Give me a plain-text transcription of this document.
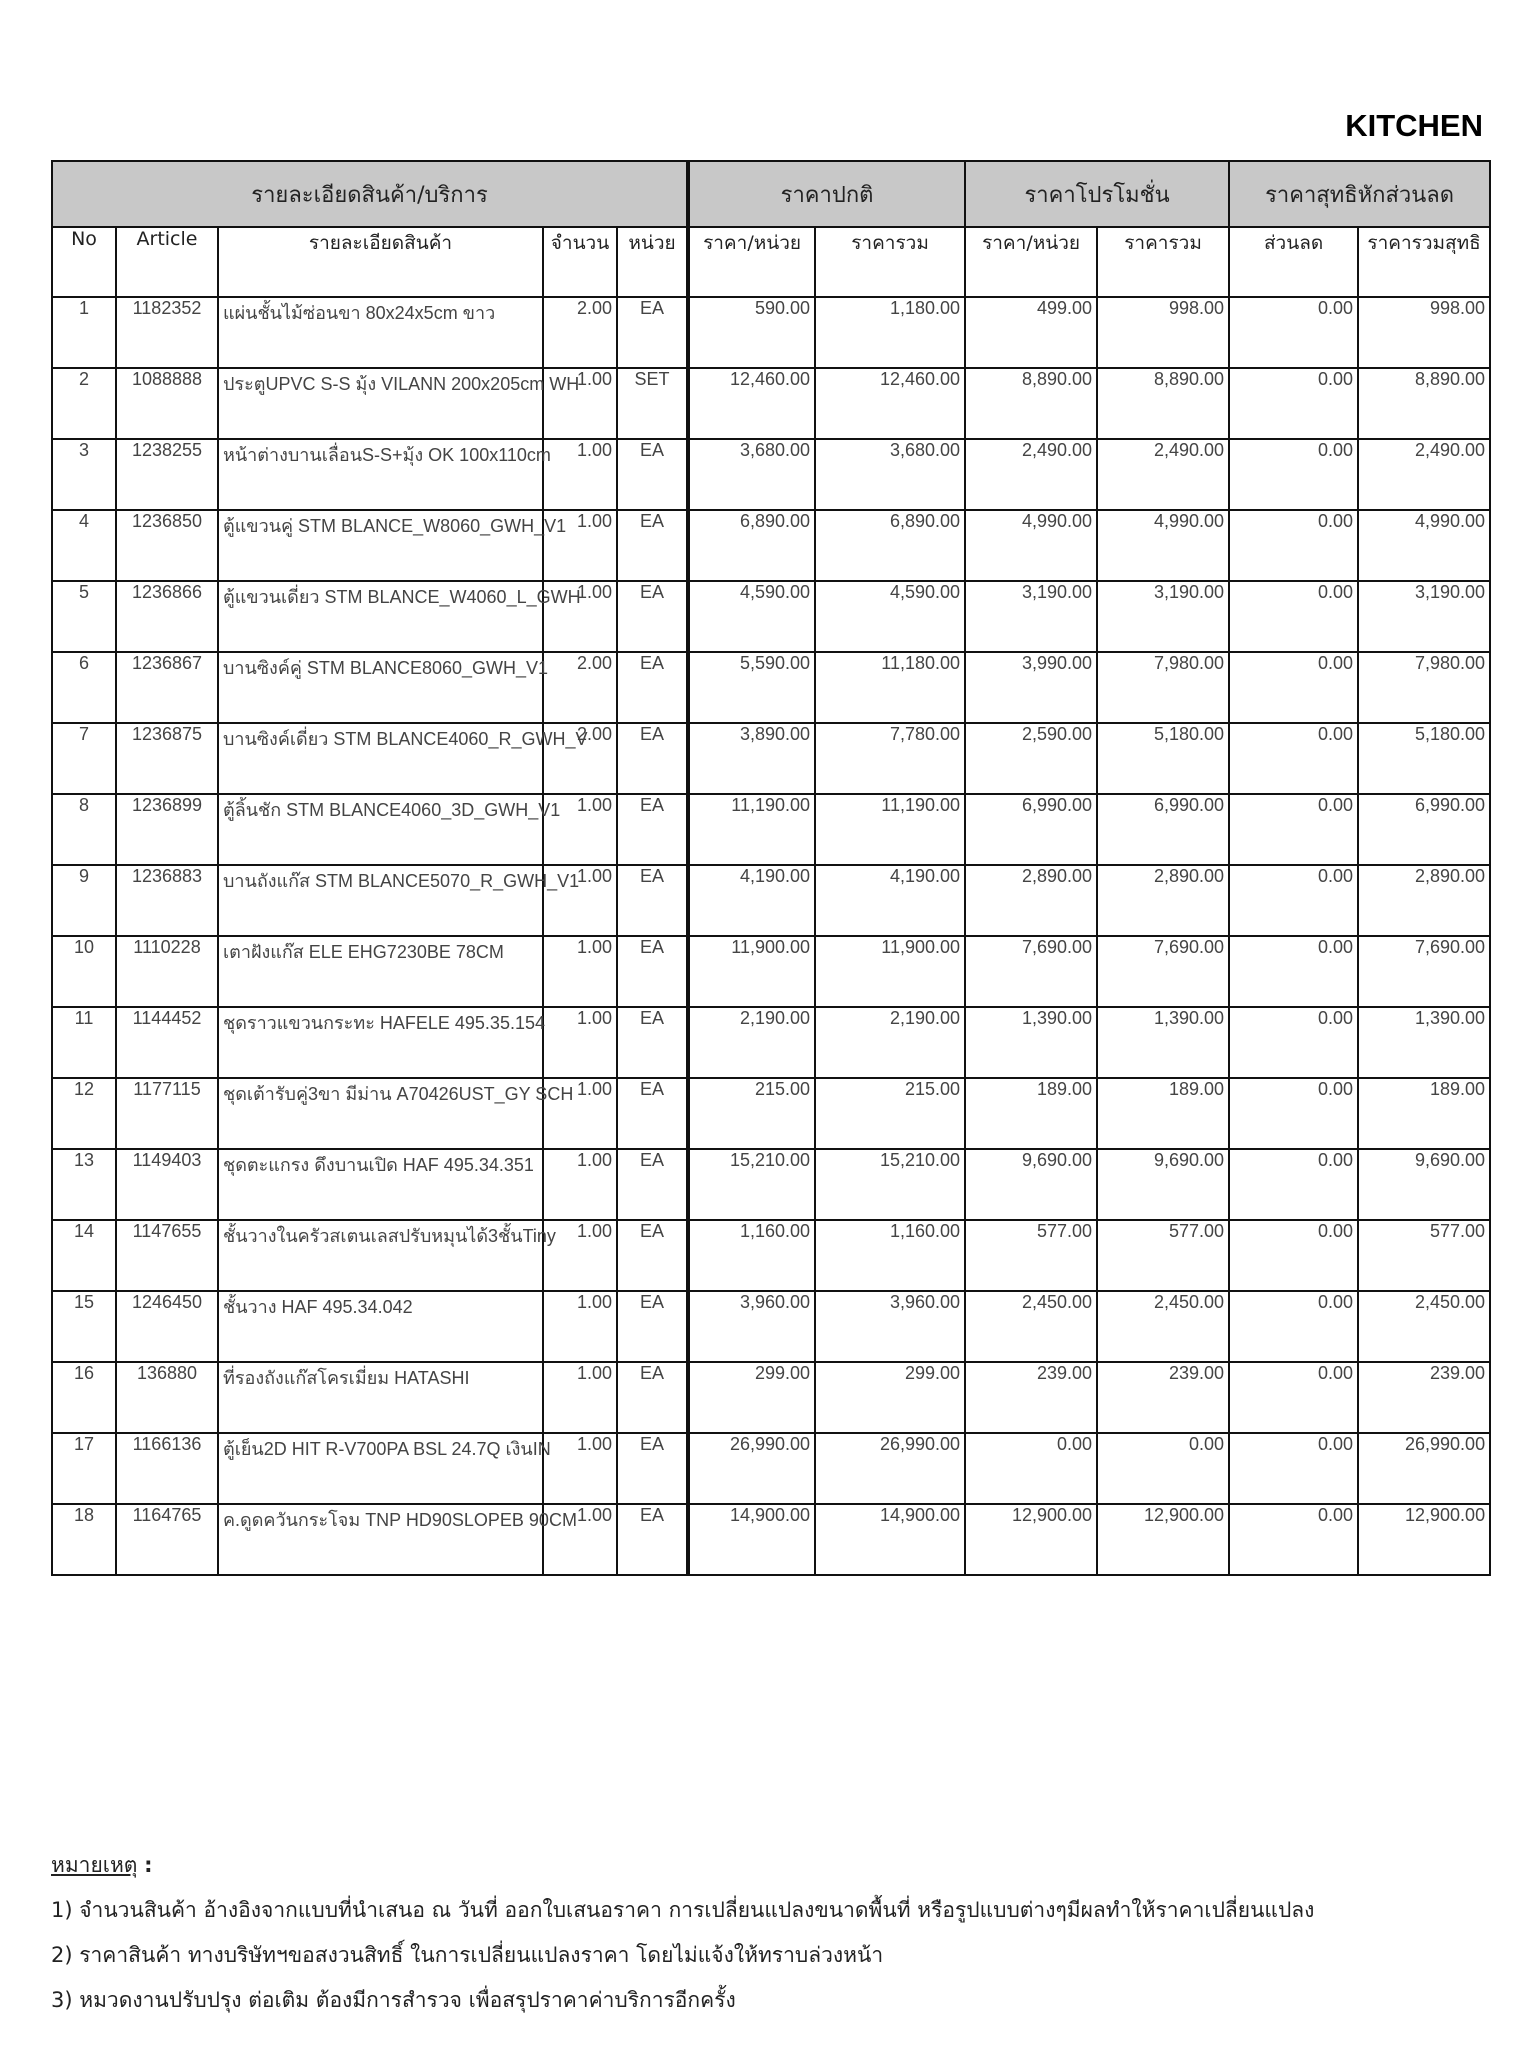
KITCHEN
รายละเอียดสินค้า/บริการ					ราคาปกติ		ราคาโปรโมชั่น		ราคาสุทธิหักส่วนลด	
No	Article	รายละเอียดสินค้า	จำนวน	หน่วย	ราคา/หน่วย	ราคารวม	ราคา/หน่วย	ราคารวม	ส่วนลด	ราคารวมสุทธิ
1	1182352	แผ่นชั้นไม้ซ่อนขา 80x24x5cm ขาว	2.00	EA	590.00	1,180.00	499.00	998.00	0.00	998.00
2	1088888	ประตูUPVC S-S มุ้ง VILANN 200x205cm WH	1.00	SET	12,460.00	12,460.00	8,890.00	8,890.00	0.00	8,890.00
3	1238255	หน้าต่างบานเลื่อนS-S+มุ้ง OK 100x110cm	1.00	EA	3,680.00	3,680.00	2,490.00	2,490.00	0.00	2,490.00
4	1236850	ตู้แขวนคู่ STM BLANCE_W8060_GWH_V1	1.00	EA	6,890.00	6,890.00	4,990.00	4,990.00	0.00	4,990.00
5	1236866	ตู้แขวนเดี่ยว STM BLANCE_W4060_L_GWH	1.00	EA	4,590.00	4,590.00	3,190.00	3,190.00	0.00	3,190.00
6	1236867	บานซิงค์คู่ STM BLANCE8060_GWH_V1	2.00	EA	5,590.00	11,180.00	3,990.00	7,980.00	0.00	7,980.00
7	1236875	บานซิงค์เดี่ยว STM BLANCE4060_R_GWH_V	2.00	EA	3,890.00	7,780.00	2,590.00	5,180.00	0.00	5,180.00
8	1236899	ตู้ลิ้นชัก STM BLANCE4060_3D_GWH_V1	1.00	EA	11,190.00	11,190.00	6,990.00	6,990.00	0.00	6,990.00
9	1236883	บานถังแก๊ส STM BLANCE5070_R_GWH_V1	1.00	EA	4,190.00	4,190.00	2,890.00	2,890.00	0.00	2,890.00
10	1110228	เตาฝังแก๊ส ELE EHG7230BE 78CM	1.00	EA	11,900.00	11,900.00	7,690.00	7,690.00	0.00	7,690.00
11	1144452	ชุดราวแขวนกระทะ HAFELE 495.35.154	1.00	EA	2,190.00	2,190.00	1,390.00	1,390.00	0.00	1,390.00
12	1177115	ชุดเต้ารับคู่3ขา มีม่าน A70426UST_GY SCH	1.00	EA	215.00	215.00	189.00	189.00	0.00	189.00
13	1149403	ชุดตะแกรง ดึงบานเปิด HAF 495.34.351	1.00	EA	15,210.00	15,210.00	9,690.00	9,690.00	0.00	9,690.00
14	1147655	ชั้นวางในครัวสเตนเลสปรับหมุนได้3ชั้นTiny	1.00	EA	1,160.00	1,160.00	577.00	577.00	0.00	577.00
15	1246450	ชั้นวาง HAF 495.34.042	1.00	EA	3,960.00	3,960.00	2,450.00	2,450.00	0.00	2,450.00
16	136880	ที่รองถังแก๊สโครเมี่ยม HATASHI	1.00	EA	299.00	299.00	239.00	239.00	0.00	239.00
17	1166136	ตู้เย็น2D HIT R-V700PA BSL 24.7Q เงินIN	1.00	EA	26,990.00	26,990.00	0.00	0.00	0.00	26,990.00
18	1164765	ค.ดูดควันกระโจม TNP HD90SLOPEB 90CM	1.00	EA	14,900.00	14,900.00	12,900.00	12,900.00	0.00	12,900.00
หมายเหตุ :
1) จำนวนสินค้า อ้างอิงจากแบบที่นำเสนอ ณ วันที่ ออกใบเสนอราคา การเปลี่ยนแปลงขนาดพื้นที่ หรือรูปแบบต่างๆมีผลทำให้ราคาเปลี่ยนแปลง
2) ราคาสินค้า ทางบริษัทฯขอสงวนสิทธิ์ ในการเปลี่ยนแปลงราคา โดยไม่แจ้งให้ทราบล่วงหน้า
3) หมวดงานปรับปรุง ต่อเติม ต้องมีการสำรวจ เพื่อสรุปราคาค่าบริการอีกครั้ง
